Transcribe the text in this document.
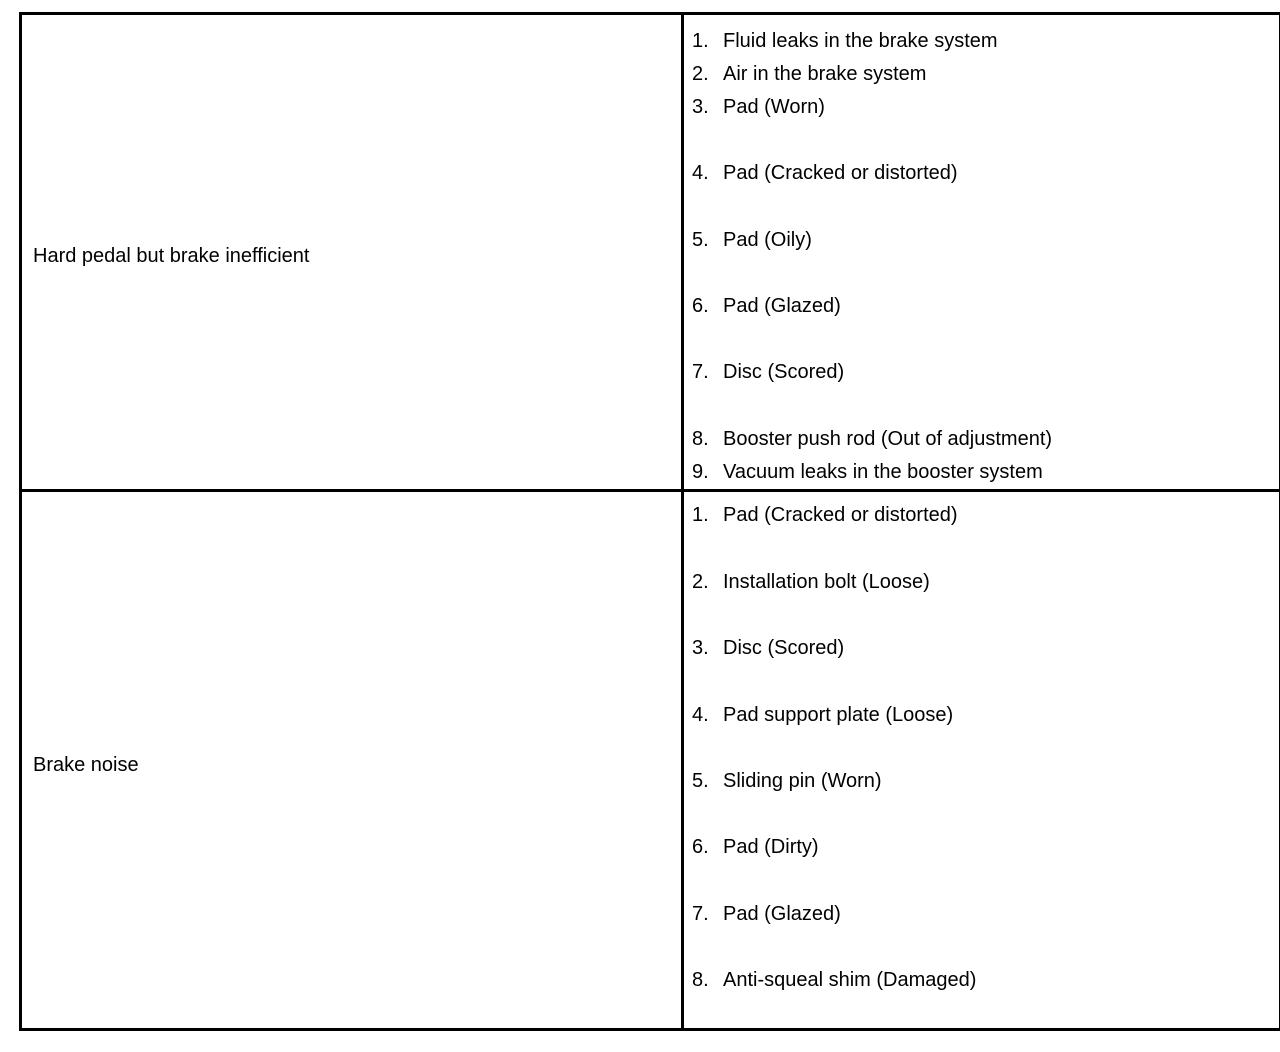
Hard pedal but brake inefficient
1. Fluid leaks in the brake system
2. Air in the brake system
3. Pad (Worn)
4. Pad (Cracked or distorted)
5. Pad (Oily)
6. Pad (Glazed)
7. Disc (Scored)
8. Booster push rod (Out of adjustment)
9. Vacuum leaks in the booster system
Brake noise
1. Pad (Cracked or distorted)
2. Installation bolt (Loose)
3. Disc (Scored)
4. Pad support plate (Loose)
5. Sliding pin (Worn)
6. Pad (Dirty)
7. Pad (Glazed)
8. Anti-squeal shim (Damaged)
